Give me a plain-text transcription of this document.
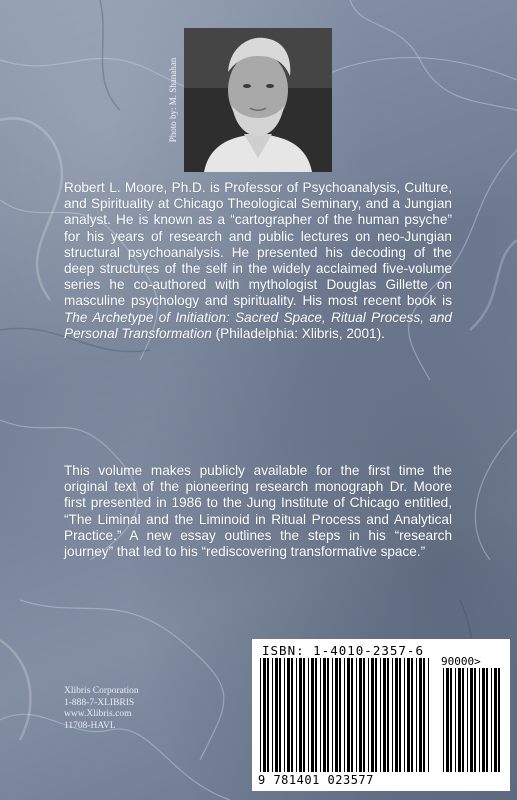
Photo by: M. Shanahan

Robert L. Moore, Ph.D. is Professor of Psychoanalysis, Culture, and Spirituality at Chicago Theological Seminary, and a Jungian analyst. He is known as a “cartographer of the human psyche” for his years of research and public lectures on neo-Jungian structural psychoanalysis. He presented his decoding of the deep structures of the self in the widely acclaimed five-volume series he co-authored with mythologist Douglas Gillette on masculine psychology and spirituality. His most recent book is The Archetype of Initiation: Sacred Space, Ritual Process, and Personal Transformation (Philadelphia: Xlibris, 2001).

This volume makes publicly available for the first time the original text of the pioneering research monograph Dr. Moore first presented in 1986 to the Jung Institute of Chicago entitled, “The Liminal and the Liminoid in Ritual Process and Analytical Practice.” A new essay outlines the steps in his “research journey” that led to his “rediscovering transformative space.”

Xlibris Corporation
1-888-7-XLIBRIS
www.Xlibris.com
11708-HAVL
ISBN: 1-4010-2357-6
90000>
9 781401 023577
